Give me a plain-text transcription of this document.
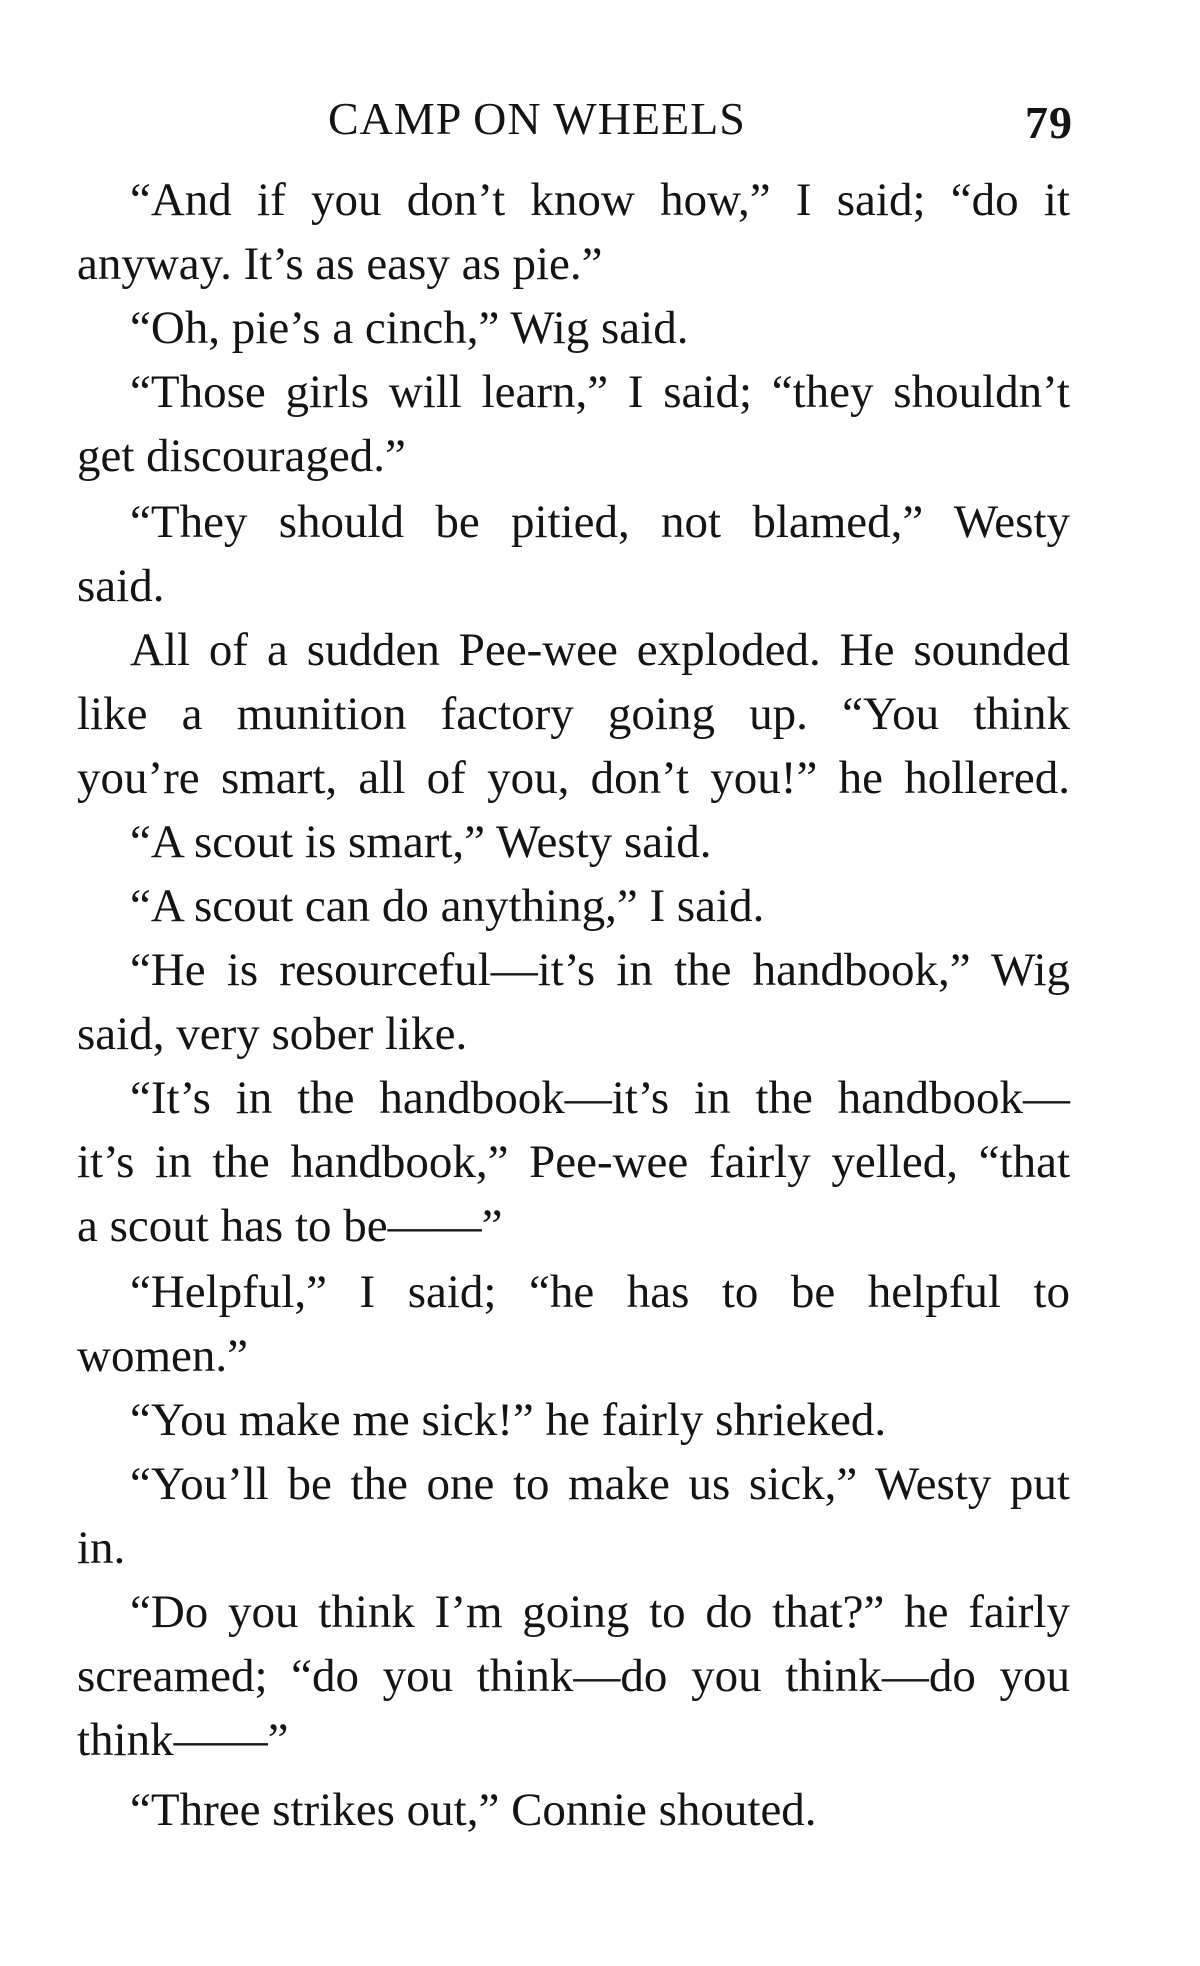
CAMP ON WHEELS	79
“And if you don’t know how,” I said; “do it
anyway. It’s as easy as pie.”
“Oh, pie’s a cinch,” Wig said.
“Those girls will learn,” I said; “they shouldn’t
get discouraged.”
“They should be pitied, not blamed,” Westy
said.
All of a sudden Pee-wee exploded. He sounded
like a munition factory going up. “You think
you’re smart, all of you, don’t you!” he hollered.
“A scout is smart,” Westy said.
“A scout can do anything,” I said.
“He is resourceful—it’s in the handbook,” Wig
said, very sober like.
“It’s in the handbook—it’s in the handbook—
it’s in the handbook,” Pee-wee fairly yelled, “that
a scout has to be——”
“Helpful,” I said; “he has to be helpful to
women.”
“You make me sick!” he fairly shrieked.
“You’ll be the one to make us sick,” Westy put
in.
“Do you think I’m going to do that?” he fairly
screamed; “do you think—do you think—do you
think——”
“Three strikes out,” Connie shouted.
